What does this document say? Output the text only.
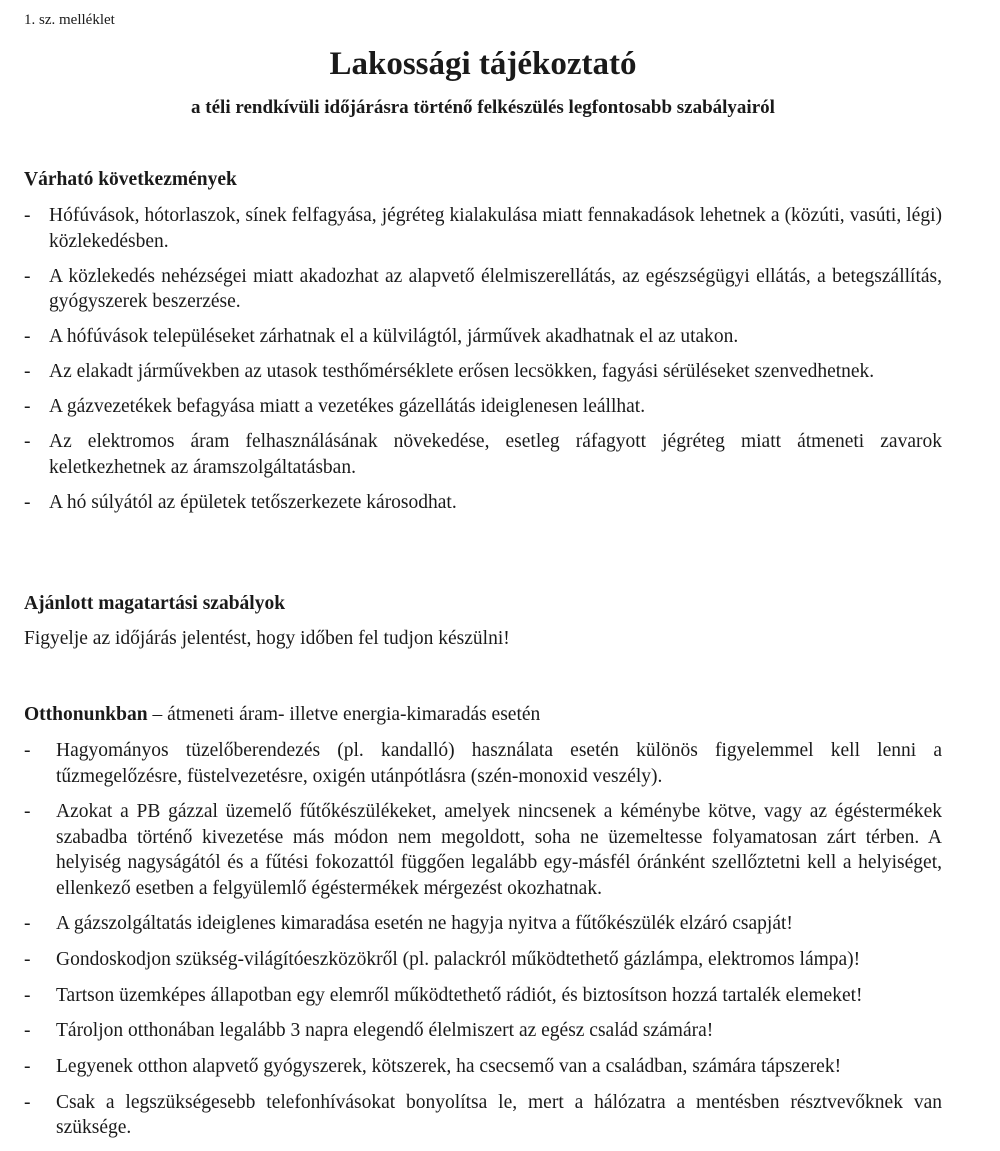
1. sz. melléklet
Lakossági tájékoztató
a téli rendkívüli időjárásra történő felkészülés legfontosabb szabályairól
Várható következmények
- Hófúvások, hótorlaszok, sínek felfagyása, jégréteg kialakulása miatt fennakadások lehetnek a (közúti, vasúti, légi) közlekedésben.
- A közlekedés nehézségei miatt akadozhat az alapvető élelmiszerellátás, az egészségügyi ellátás, a betegszállítás, gyógyszerek beszerzése.
- A hófúvások településeket zárhatnak el a külvilágtól, járművek akadhatnak el az utakon.
- Az elakadt járművekben az utasok testhőmérséklete erősen lecsökken, fagyási sérüléseket szenvedhetnek.
- A gázvezetékek befagyása miatt a vezetékes gázellátás ideiglenesen leállhat.
- Az elektromos áram felhasználásának növekedése, esetleg ráfagyott jégréteg miatt átmeneti zavarok keletkezhetnek az áramszolgáltatásban.
- A hó súlyától az épületek tetőszerkezete károsodhat.
Ajánlott magatartási szabályok
Figyelje az időjárás jelentést, hogy időben fel tudjon készülni!
Otthonunkban – átmeneti áram- illetve energia-kimaradás esetén
- Hagyományos tüzelőberendezés (pl. kandalló) használata esetén különös figyelemmel kell lenni a tűzmegelőzésre, füstelvezetésre, oxigén utánpótlásra (szén-monoxid veszély).
- Azokat a PB gázzal üzemelő fűtőkészülékeket, amelyek nincsenek a kéménybe kötve, vagy az égéstermékek szabadba történő kivezetése más módon nem megoldott, soha ne üzemeltesse folyamatosan zárt térben. A helyiség nagyságától és a fűtési fokozattól függően legalább egy-másfél óránként szellőztetni kell a helyiséget, ellenkező esetben a felgyülemlő égéstermékek mérgezést okozhatnak.
- A gázszolgáltatás ideiglenes kimaradása esetén ne hagyja nyitva a fűtőkészülék elzáró csapját!
- Gondoskodjon szükség-világítóeszközökről (pl. palackról működtethető gázlámpa, elektromos lámpa)!
- Tartson üzemképes állapotban egy elemről működtethető rádiót, és biztosítson hozzá tartalék elemeket!
- Tároljon otthonában legalább 3 napra elegendő élelmiszert az egész család számára!
- Legyenek otthon alapvető gyógyszerek, kötszerek, ha csecsemő van a családban, számára tápszerek!
- Csak a legszükségesebb telefonhívásokat bonyolítsa le, mert a hálózatra a mentésben résztvevőknek van szüksége.
